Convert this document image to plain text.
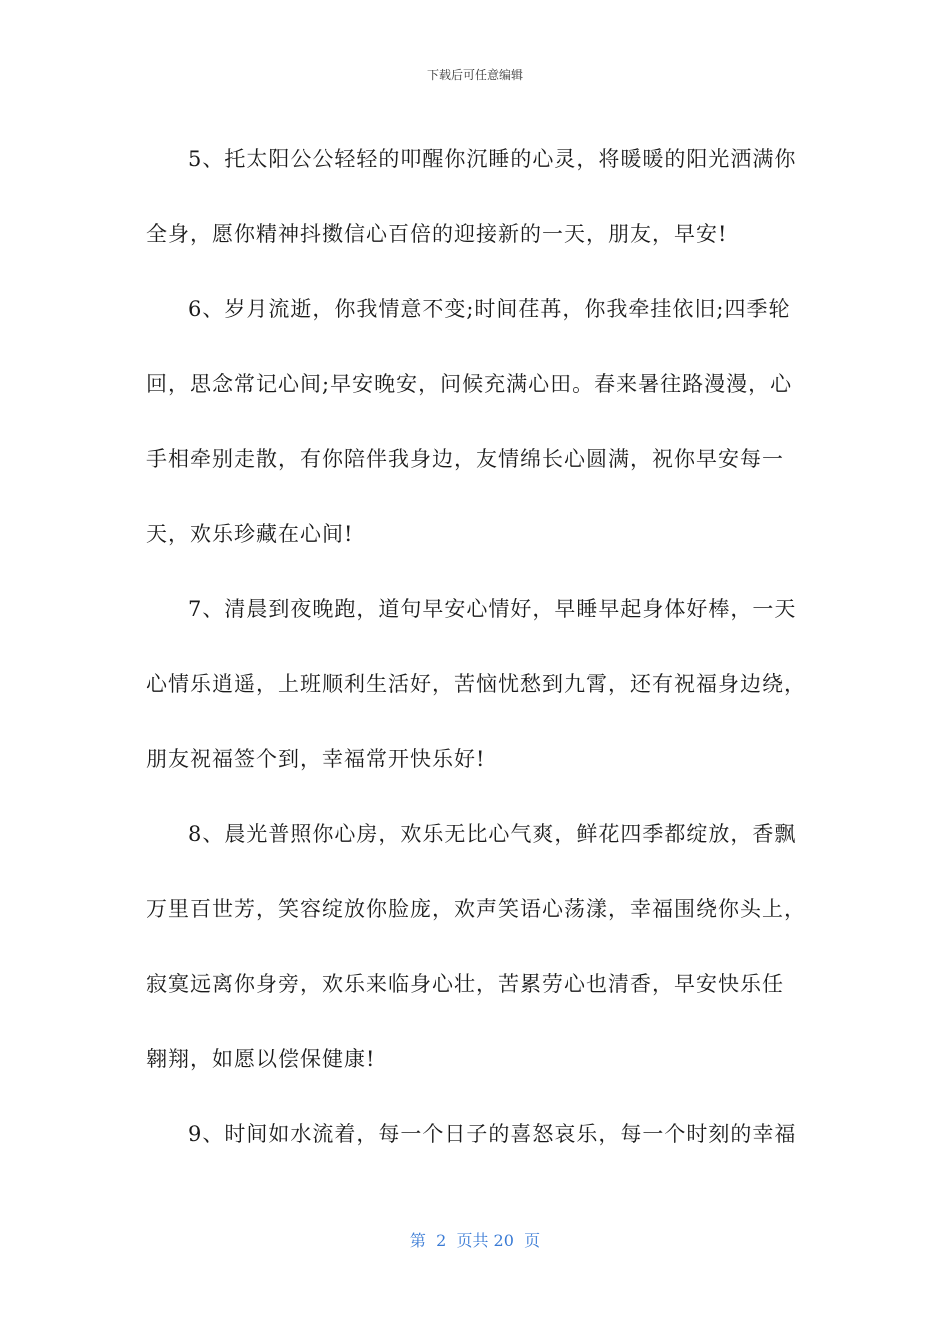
下载后可任意编辑
5、托太阳公公轻轻的叩醒你沉睡的心灵，将暖暖的阳光洒满你
全身，愿你精神抖擞信心百倍的迎接新的一天，朋友，早安!
6、岁月流逝，你我情意不变;时间荏苒，你我牵挂依旧;四季轮
回，思念常记心间;早安晚安，问候充满心田。春来暑往路漫漫，心
手相牵别走散，有你陪伴我身边，友情绵长心圆满，祝你早安每一
天，欢乐珍藏在心间!
7、清晨到夜晚跑，道句早安心情好，早睡早起身体好棒，一天
心情乐逍遥，上班顺利生活好，苦恼忧愁到九霄，还有祝福身边绕，
朋友祝福签个到，幸福常开快乐好!
8、晨光普照你心房，欢乐无比心气爽，鲜花四季都绽放，香飘
万里百世芳，笑容绽放你脸庞，欢声笑语心荡漾，幸福围绕你头上，
寂寞远离你身旁，欢乐来临身心壮，苦累劳心也清香，早安快乐任
翱翔，如愿以偿保健康!
9、时间如水流着，每一个日子的喜怒哀乐，每一个时刻的幸福
第  2  页共 20  页
